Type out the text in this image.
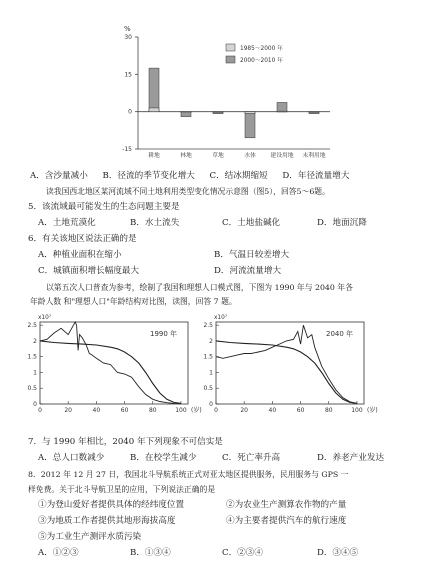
%
30
15
0
-15
耕地	林地	草地	水体	建设用地 未利用地
1985～2000 年
2000～2010 年
A．含沙量减小 B．径流的季节变化增大 C．结冰期缩短 D．年径流量增大
读我国西北地区某河流域不同土地利用类型变化情况示意图（图5），回答5～6题。
5．该流域最可能发生的生态问题主要是
A．土地荒漠化	B．水土流失	C．土地盐碱化	D．地面沉降
6．有关该地区说法正确的是
A．种植业面积在缩小	B．气温日较差增大
C．城镇面积增长幅度最大	D．河流流量增大
以第五次人口普查为参考，绘制了我国和理想人口模式图，下图为 1990 年与 2040 年各
年龄人数 和"理想人口"年龄结构对比图，读图，回答 7 题。
x10⁷
1990 年
2.5
2
1.5
1
0.5
0
0	20	40	60	80	100 (岁)
x10⁷
2040 年
2.5
2
1.5
1
0.5
0
0	20	40	60	80	100 (岁)
7．与 1990 年相比，2040 年下列现象不可信实是
A．总人口数减少	B．在校学生减少	C．死亡率升高	D．养老产业发达
8．2012 年 12 月 27 日，我国北斗导航系统正式对亚太地区提供服务，民用服务与 GPS 一
样免费。关于北斗导航卫星的应用，下列说法正确的是
①为登山爱好者提供具体的经纬度位置	②为农业生产测算农作物的产量
③为地质工作者提供其地形海拔高度	④为主要者提供汽车的航行速度
⑤为工业生产测评水质污染
A．①②③	B．①③④	C．②③④	D．③④⑤
